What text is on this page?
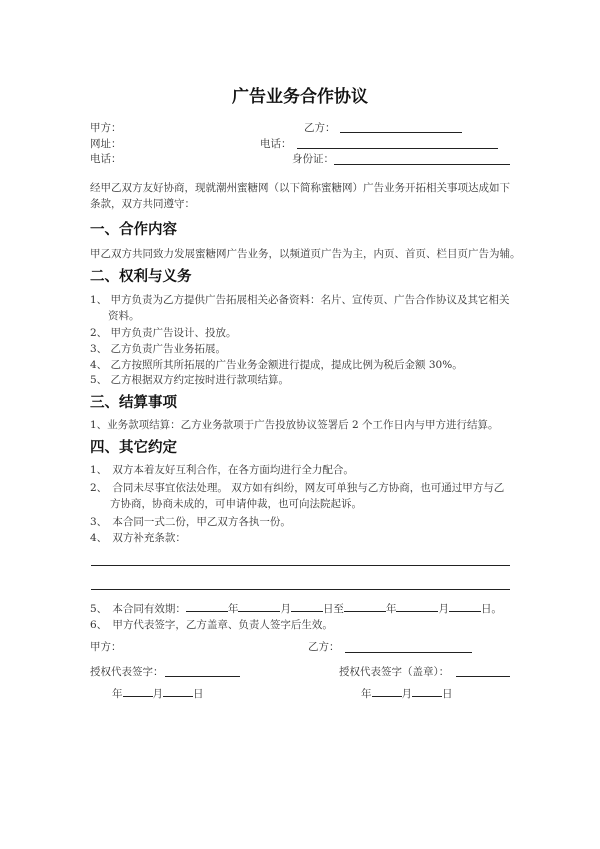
广告业务合作协议
甲方：	乙方：
网址：	电话：
电话：	身份证：
经甲乙双方友好协商，现就潮州蜜糖网（以下简称蜜糖网）广告业务开拓相关事项达成如下
条款，双方共同遵守：
一、合作内容
甲乙双方共同致力发展蜜糖网广告业务，以频道页广告为主，内页、首页、栏目页广告为辅。
二、权利与义务
1、 甲方负责为乙方提供广告拓展相关必备资料：名片、宣传页、广告合作协议及其它相关
资料。
2、 甲方负责广告设计、投放。
3、 乙方负责广告业务拓展。
4、 乙方按照所其所拓展的广告业务金额进行提成，提成比例为税后金额 30%。
5、 乙方根据双方约定按时进行款项结算。
三、结算事项
1、业务款项结算：乙方业务款项于广告投放协议签署后 2 个工作日内与甲方进行结算。
四、其它约定
1、　双方本着友好互利合作，在各方面均进行全力配合。
2、　合同未尽事宜依法处理。 双方如有纠纷，网友可单独与乙方协商，也可通过甲方与乙
方协商，协商未成的，可申请仲裁，也可向法院起诉。
3、　本合同一式二份，甲乙双方各执一份。
4、　双方补充条款：
5、　本合同有效期：	年	月	日至	年	月	日。
6、　甲方代表签字，乙方盖章、负责人签字后生效。
甲方：	乙方：
授权代表签字：	授权代表签字（盖章）：
年	月	日	年	月	日
